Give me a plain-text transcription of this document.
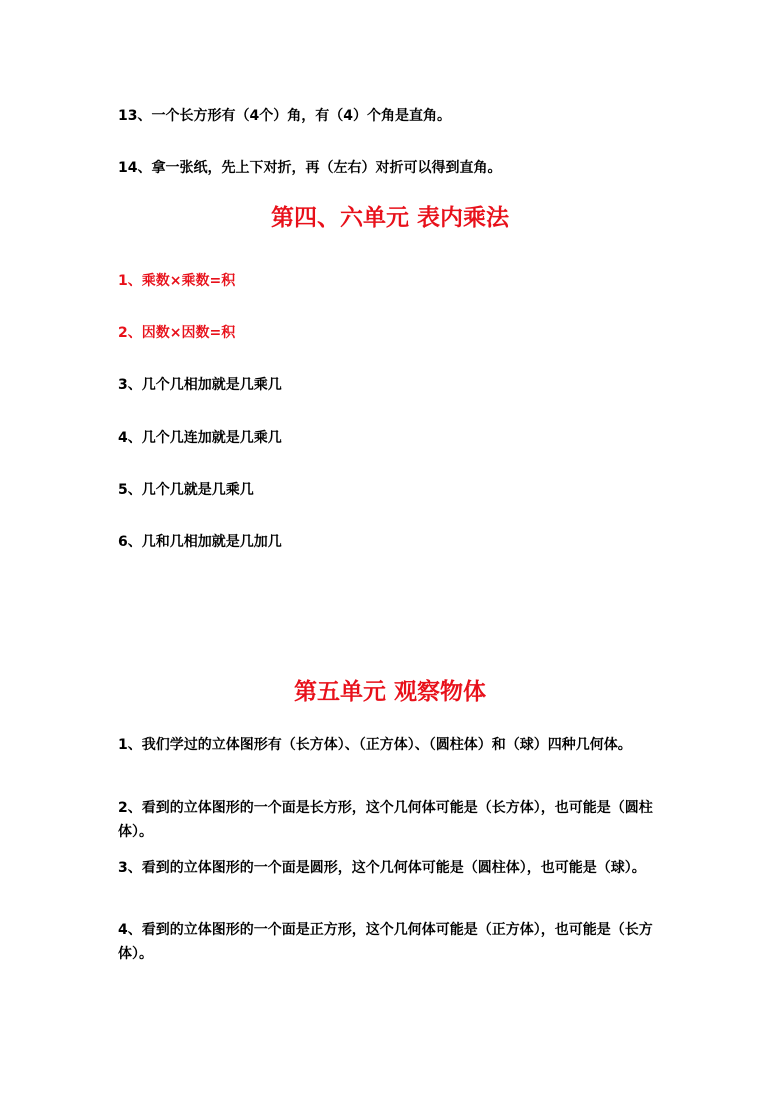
13、一个长方形有（4个）角，有（4）个角是直角。
14、拿一张纸，先上下对折，再（左右）对折可以得到直角。
第四、六单元 表内乘法
1、乘数×乘数=积
2、因数×因数=积
3、几个几相加就是几乘几
4、几个几连加就是几乘几
5、几个几就是几乘几
6、几和几相加就是几加几
第五单元 观察物体
1、我们学过的立体图形有（长方体）、（正方体）、（圆柱体）和（球）四种几何体。
2、看到的立体图形的一个面是长方形，这个几何体可能是（长方体），也可能是（圆柱体）。
3、看到的立体图形的一个面是圆形，这个几何体可能是（圆柱体），也可能是（球）。
4、看到的立体图形的一个面是正方形，这个几何体可能是（正方体），也可能是（长方体）。
